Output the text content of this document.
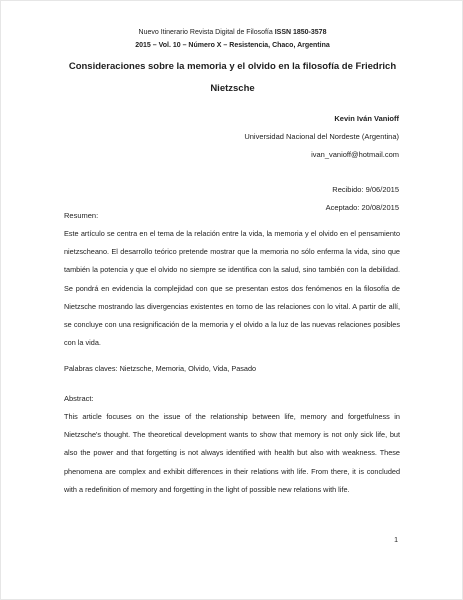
Nuevo Itinerario Revista Digital de Filosofía ISSN 1850-3578
2015 – Vol. 10 – Número X – Resistencia, Chaco, Argentina
Consideraciones sobre la memoria y el olvido en la filosofía de Friedrich
Nietzsche
Kevin Iván Vanioff
Universidad Nacional del Nordeste (Argentina)
ivan_vanioff@hotmail.com
Recibido: 9/06/2015
Aceptado: 20/08/2015
Resumen:
Este artículo se centra en el tema de la relación entre la vida, la memoria y el olvido en el pensamiento nietzscheano. El desarrollo teórico pretende mostrar que la memoria no sólo enferma la vida, sino que también la potencia y que el olvido no siempre se identifica con la salud, sino también con la debilidad. Se pondrá en evidencia la complejidad con que se presentan estos dos fenómenos en la filosofía de Nietzsche mostrando las divergencias existentes en torno de las relaciones con lo vital. A partir de allí, se concluye con una resignificación de la memoria y el olvido a la luz de las nuevas relaciones posibles con la vida.
Palabras claves: Nietzsche, Memoria, Olvido, Vida, Pasado
Abstract:
This article focuses on the issue of the relationship between life, memory and forgetfulness in Nietzsche's thought. The theoretical development wants to show that memory is not only sick life, but also the power and that forgetting is not always identified with health but also with weakness. These phenomena are complex and exhibit differences in their relations with life. From there, it is concluded with a redefinition of memory and forgetting in the light of possible new relations with life.
1
